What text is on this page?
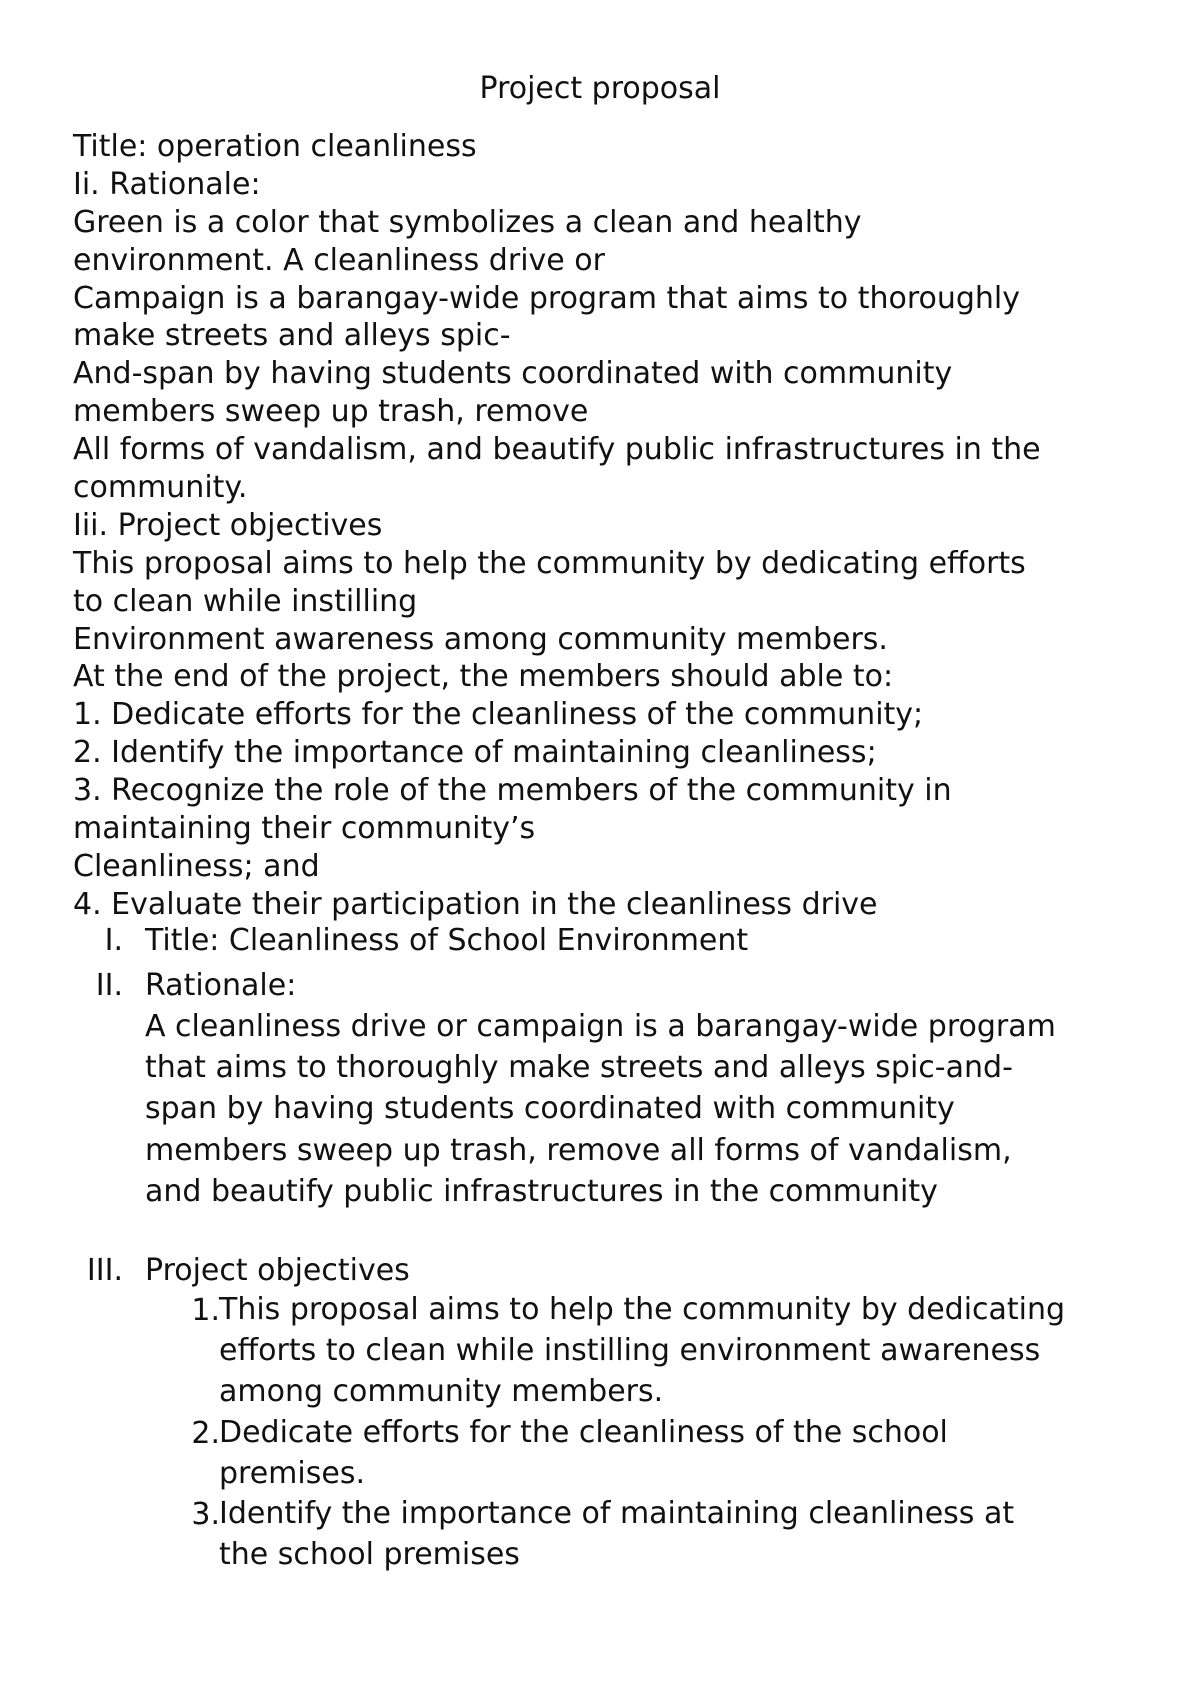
Project proposal
Title: operation cleanliness
Ii. Rationale:
Green is a color that symbolizes a clean and healthy
environment. A cleanliness drive or
Campaign is a barangay-wide program that aims to thoroughly
make streets and alleys spic-
And-span by having students coordinated with community
members sweep up trash, remove
All forms of vandalism, and beautify public infrastructures in the
community.
Iii. Project objectives
This proposal aims to help the community by dedicating efforts
to clean while instilling
Environment awareness among community members.
At the end of the project, the members should able to:
1. Dedicate efforts for the cleanliness of the community;
2. Identify the importance of maintaining cleanliness;
3. Recognize the role of the members of the community in
maintaining their community’s
Cleanliness; and
4. Evaluate their participation in the cleanliness drive
I. Title: Cleanliness of School Environment
II. Rationale:
A cleanliness drive or campaign is a barangay-wide program
that aims to thoroughly make streets and alleys spic-and-
span by having students coordinated with community
members sweep up trash, remove all forms of vandalism,
and beautify public infrastructures in the community
III. Project objectives
1. This proposal aims to help the community by dedicating
efforts to clean while instilling environment awareness
among community members.
2. Dedicate efforts for the cleanliness of the school
premises.
3. Identify the importance of maintaining cleanliness at
the school premises
